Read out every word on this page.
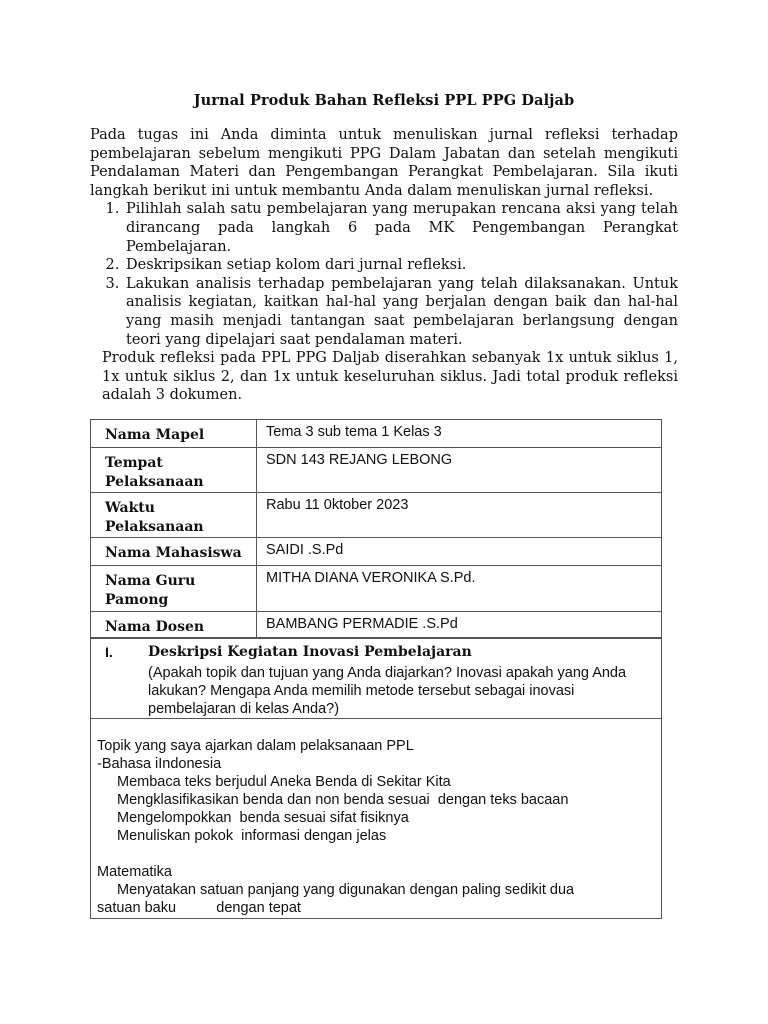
Jurnal Produk Bahan Refleksi PPL PPG Daljab

Pada tugas ini Anda diminta untuk menuliskan jurnal refleksi terhadap pembelajaran sebelum mengikuti PPG Dalam Jabatan dan setelah mengikuti Pendalaman Materi dan Pengembangan Perangkat Pembelajaran. Sila ikuti langkah berikut ini untuk membantu Anda dalam menuliskan jurnal refleksi.

1. Pilihlah salah satu pembelajaran yang merupakan rencana aksi yang telah dirancang pada langkah 6 pada MK Pengembangan Perangkat Pembelajaran.
2. Deskripsikan setiap kolom dari jurnal refleksi.
3. Lakukan analisis terhadap pembelajaran yang telah dilaksanakan. Untuk analisis kegiatan, kaitkan hal-hal yang berjalan dengan baik dan hal-hal yang masih menjadi tantangan saat pembelajaran berlangsung dengan teori yang dipelajari saat pendalaman materi.

Produk refleksi pada PPL PPG Daljab diserahkan sebanyak 1x untuk siklus 1, 1x untuk siklus 2, dan 1x untuk keseluruhan siklus. Jadi total produk refleksi adalah 3 dokumen.

Nama Mapel	Tema 3 sub tema 1 Kelas 3
Tempat Pelaksanaan	SDN 143 REJANG LEBONG
Waktu Pelaksanaan	Rabu 11 0ktober 2023
Nama Mahasiswa	SAIDI .S.Pd
Nama Guru Pamong	MITHA DIANA VERONIKA S.Pd.
Nama Dosen	BAMBANG PERMADIE .S.Pd
I.	Deskripsi Kegiatan Inovasi Pembelajaran
(Apakah topik dan tujuan yang Anda diajarkan? Inovasi apakah yang Anda lakukan? Mengapa Anda memilih metode tersebut sebagai inovasi pembelajaran di kelas Anda?)
Topik yang saya ajarkan dalam pelaksanaan PPL
-Bahasa iIndonesia
Membaca teks berjudul Aneka Benda di Sekitar Kita
Mengklasifikasikan benda dan non benda sesuai  dengan teks bacaan
Mengelompokkan  benda sesuai sifat fisiknya
Menuliskan pokok  informasi dengan jelas
Matematika
Menyatakan satuan panjang yang digunakan dengan paling sedikit dua
satuan baku          dengan tepat
